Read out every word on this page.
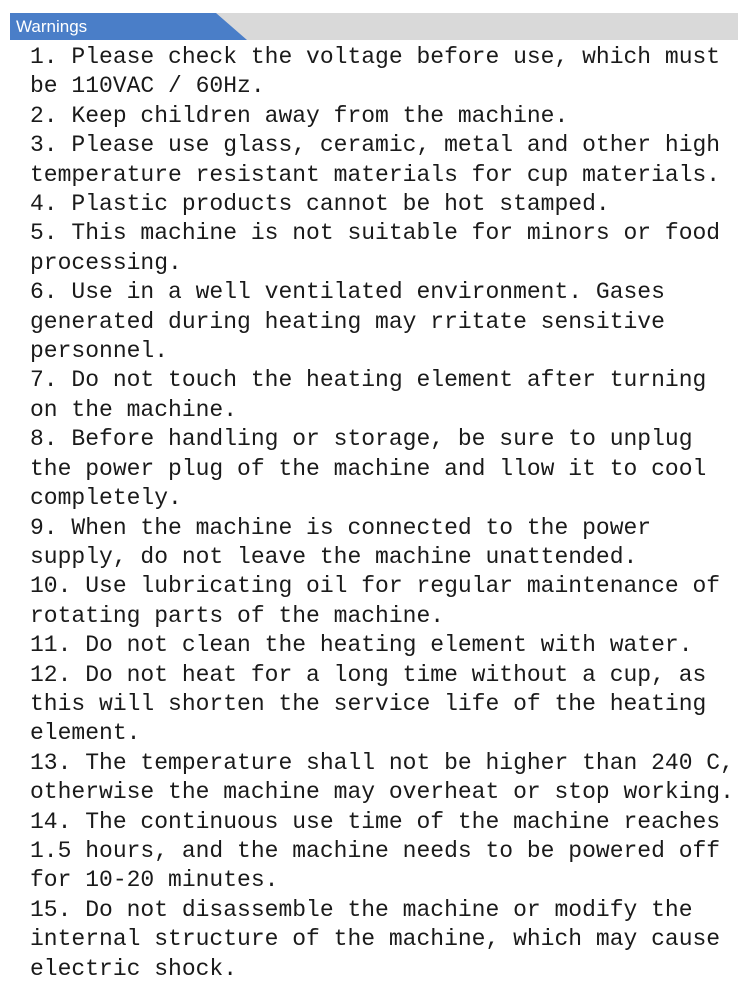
Warnings
1. Please check the voltage before use, which must be 110VAC / 60Hz.
2. Keep children away from the machine.
3. Please use glass, ceramic, metal and other high temperature resistant materials for cup materials.
4. Plastic products cannot be hot stamped.
5. This machine is not suitable for minors or food processing.
6. Use in a well ventilated environment. Gases generated during heating may rritate sensitive personnel.
7. Do not touch the heating element after turning on the machine.
8. Before handling or storage, be sure to unplug the power plug of the machine and llow it to cool completely.
9. When the machine is connected to the power supply, do not leave the machine unattended.
10. Use lubricating oil for regular maintenance of rotating parts of the machine.
11. Do not clean the heating element with water.
12. Do not heat for a long time without a cup, as this will shorten the service life of the heating element.
13. The temperature shall not be higher than 240 C, otherwise the machine may overheat or stop working.
14. The continuous use time of the machine reaches 1.5 hours, and the machine needs to be powered off for 10-20 minutes.
15. Do not disassemble the machine or modify the internal structure of the machine, which may cause electric shock.
